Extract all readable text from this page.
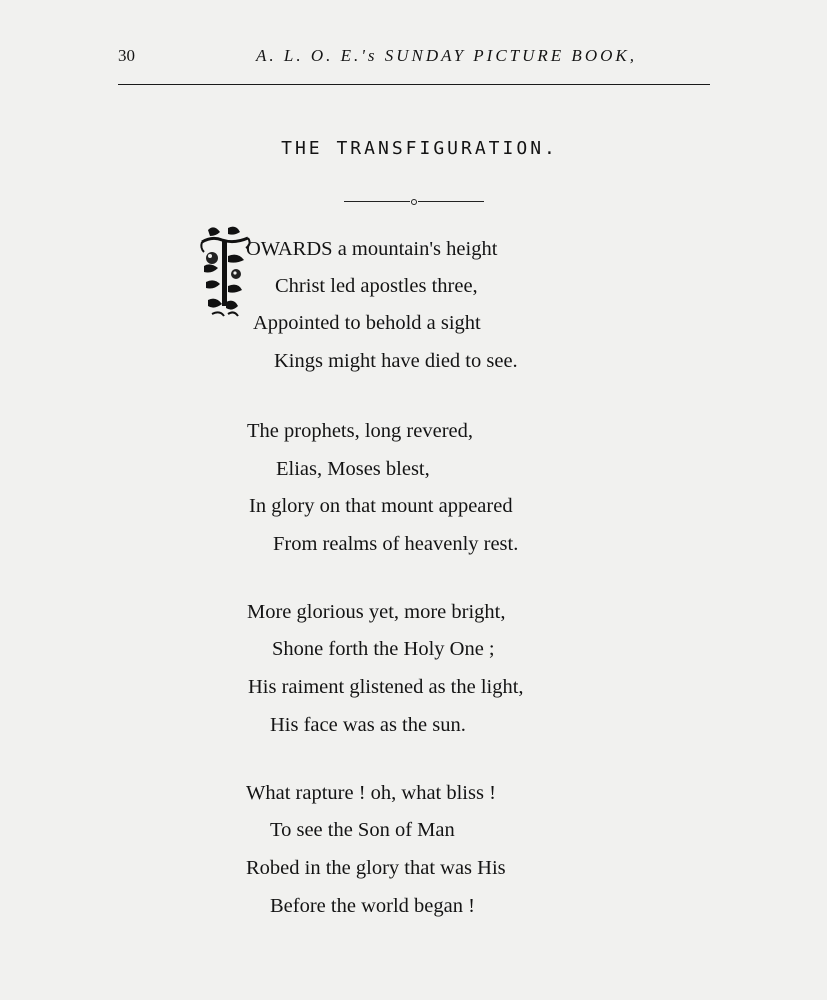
30	A. L. O. E.'s SUNDAY PICTURE BOOK,
THE TRANSFIGURATION.
OWARDS a mountain's height
Christ led apostles three,
Appointed to behold a sight
Kings might have died to see.
The prophets, long revered,
Elias, Moses blest,
In glory on that mount appeared
From realms of heavenly rest.
More glorious yet, more bright,
Shone forth the Holy One ;
His raiment glistened as the light,
His face was as the sun.
What rapture ! oh, what bliss !
To see the Son of Man
Robed in the glory that was His
Before the world began !
